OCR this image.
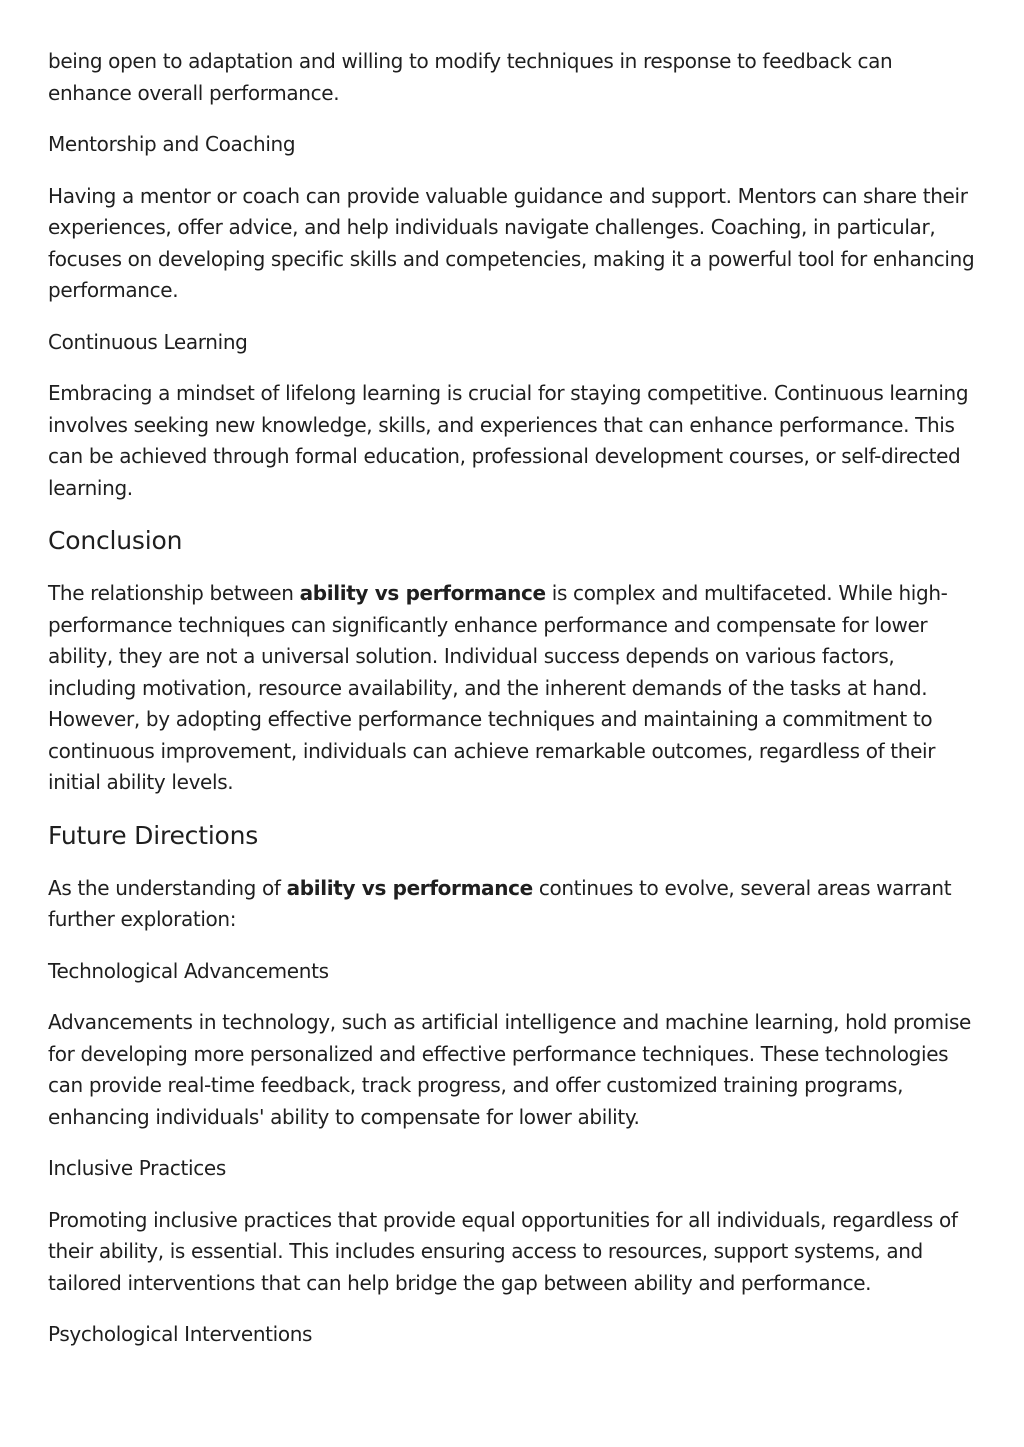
being open to adaptation and willing to modify techniques in response to feedback can enhance overall performance.

Mentorship and Coaching

Having a mentor or coach can provide valuable guidance and support. Mentors can share their experiences, offer advice, and help individuals navigate challenges. Coaching, in particular, focuses on developing specific skills and competencies, making it a powerful tool for enhancing performance.

Continuous Learning

Embracing a mindset of lifelong learning is crucial for staying competitive. Continuous learning involves seeking new knowledge, skills, and experiences that can enhance performance. This can be achieved through formal education, professional development courses, or self-directed learning.

Conclusion

The relationship between ability vs performance is complex and multifaceted. While high-performance techniques can significantly enhance performance and compensate for lower ability, they are not a universal solution. Individual success depends on various factors, including motivation, resource availability, and the inherent demands of the tasks at hand. However, by adopting effective performance techniques and maintaining a commitment to continuous improvement, individuals can achieve remarkable outcomes, regardless of their initial ability levels.

Future Directions

As the understanding of ability vs performance continues to evolve, several areas warrant further exploration:

Technological Advancements

Advancements in technology, such as artificial intelligence and machine learning, hold promise for developing more personalized and effective performance techniques. These technologies can provide real-time feedback, track progress, and offer customized training programs, enhancing individuals' ability to compensate for lower ability.

Inclusive Practices

Promoting inclusive practices that provide equal opportunities for all individuals, regardless of their ability, is essential. This includes ensuring access to resources, support systems, and tailored interventions that can help bridge the gap between ability and performance.

Psychological Interventions
